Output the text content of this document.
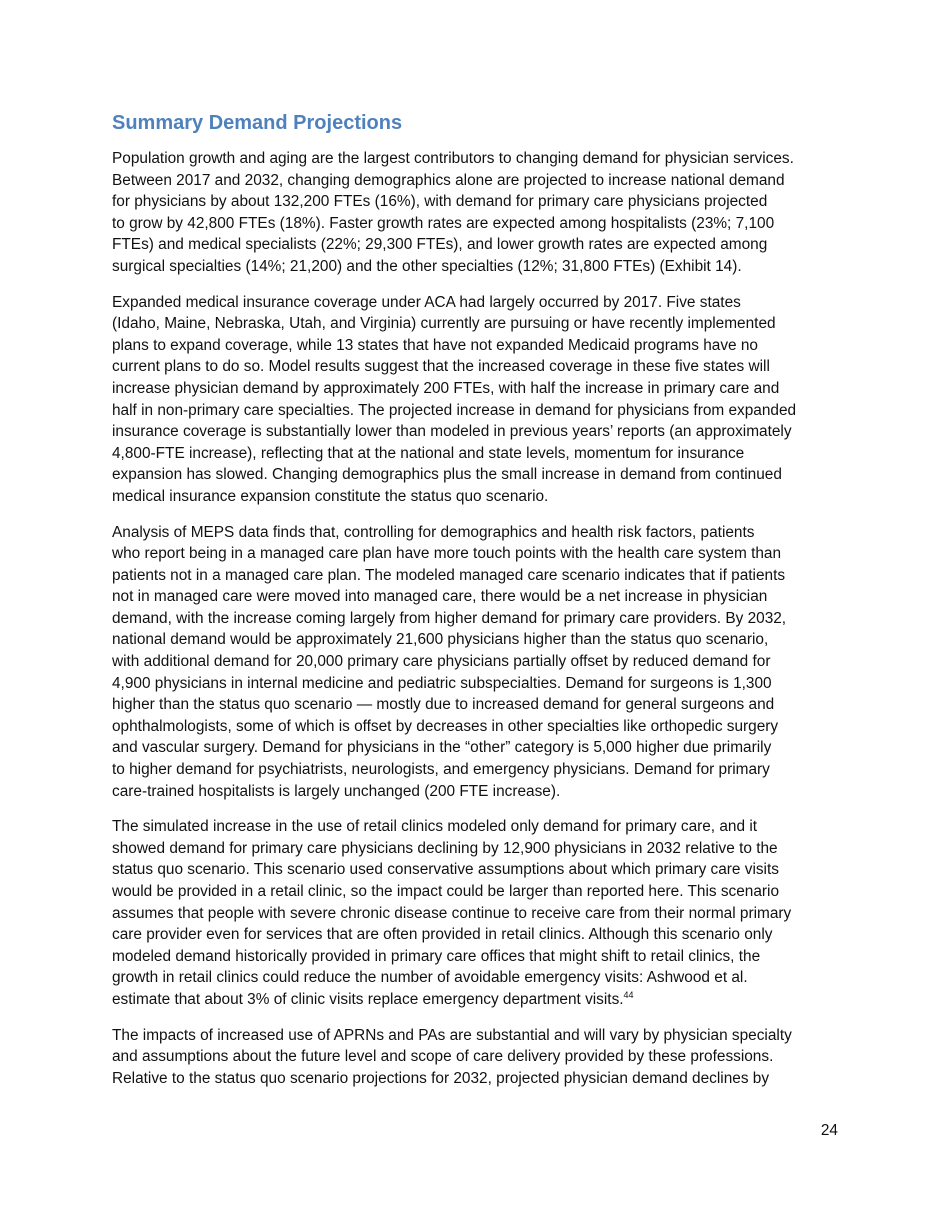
Summary Demand Projections

Population growth and aging are the largest contributors to changing demand for physician services.
Between 2017 and 2032, changing demographics alone are projected to increase national demand
for physicians by about 132,200 FTEs (16%), with demand for primary care physicians projected
to grow by 42,800 FTEs (18%). Faster growth rates are expected among hospitalists (23%; 7,100
FTEs) and medical specialists (22%; 29,300 FTEs), and lower growth rates are expected among
surgical specialties (14%; 21,200) and the other specialties (12%; 31,800 FTEs) (Exhibit 14).

Expanded medical insurance coverage under ACA had largely occurred by 2017. Five states
(Idaho, Maine, Nebraska, Utah, and Virginia) currently are pursuing or have recently implemented
plans to expand coverage, while 13 states that have not expanded Medicaid programs have no
current plans to do so. Model results suggest that the increased coverage in these five states will
increase physician demand by approximately 200 FTEs, with half the increase in primary care and
half in non-primary care specialties. The projected increase in demand for physicians from expanded
insurance coverage is substantially lower than modeled in previous years’ reports (an approximately
4,800-FTE increase), reflecting that at the national and state levels, momentum for insurance
expansion has slowed. Changing demographics plus the small increase in demand from continued
medical insurance expansion constitute the status quo scenario.

Analysis of MEPS data finds that, controlling for demographics and health risk factors, patients
who report being in a managed care plan have more touch points with the health care system than
patients not in a managed care plan. The modeled managed care scenario indicates that if patients
not in managed care were moved into managed care, there would be a net increase in physician
demand, with the increase coming largely from higher demand for primary care providers. By 2032,
national demand would be approximately 21,600 physicians higher than the status quo scenario,
with additional demand for 20,000 primary care physicians partially offset by reduced demand for
4,900 physicians in internal medicine and pediatric subspecialties. Demand for surgeons is 1,300
higher than the status quo scenario — mostly due to increased demand for general surgeons and
ophthalmologists, some of which is offset by decreases in other specialties like orthopedic surgery
and vascular surgery. Demand for physicians in the “other” category is 5,000 higher due primarily
to higher demand for psychiatrists, neurologists, and emergency physicians. Demand for primary
care-trained hospitalists is largely unchanged (200 FTE increase).

The simulated increase in the use of retail clinics modeled only demand for primary care, and it
showed demand for primary care physicians declining by 12,900 physicians in 2032 relative to the
status quo scenario. This scenario used conservative assumptions about which primary care visits
would be provided in a retail clinic, so the impact could be larger than reported here. This scenario
assumes that people with severe chronic disease continue to receive care from their normal primary
care provider even for services that are often provided in retail clinics. Although this scenario only
modeled demand historically provided in primary care offices that might shift to retail clinics, the
growth in retail clinics could reduce the number of avoidable emergency visits: Ashwood et al.
estimate that about 3% of clinic visits replace emergency department visits.$^{44}$

The impacts of increased use of APRNs and PAs are substantial and will vary by physician specialty
and assumptions about the future level and scope of care delivery provided by these professions.
Relative to the status quo scenario projections for 2032, projected physician demand declines by

24
